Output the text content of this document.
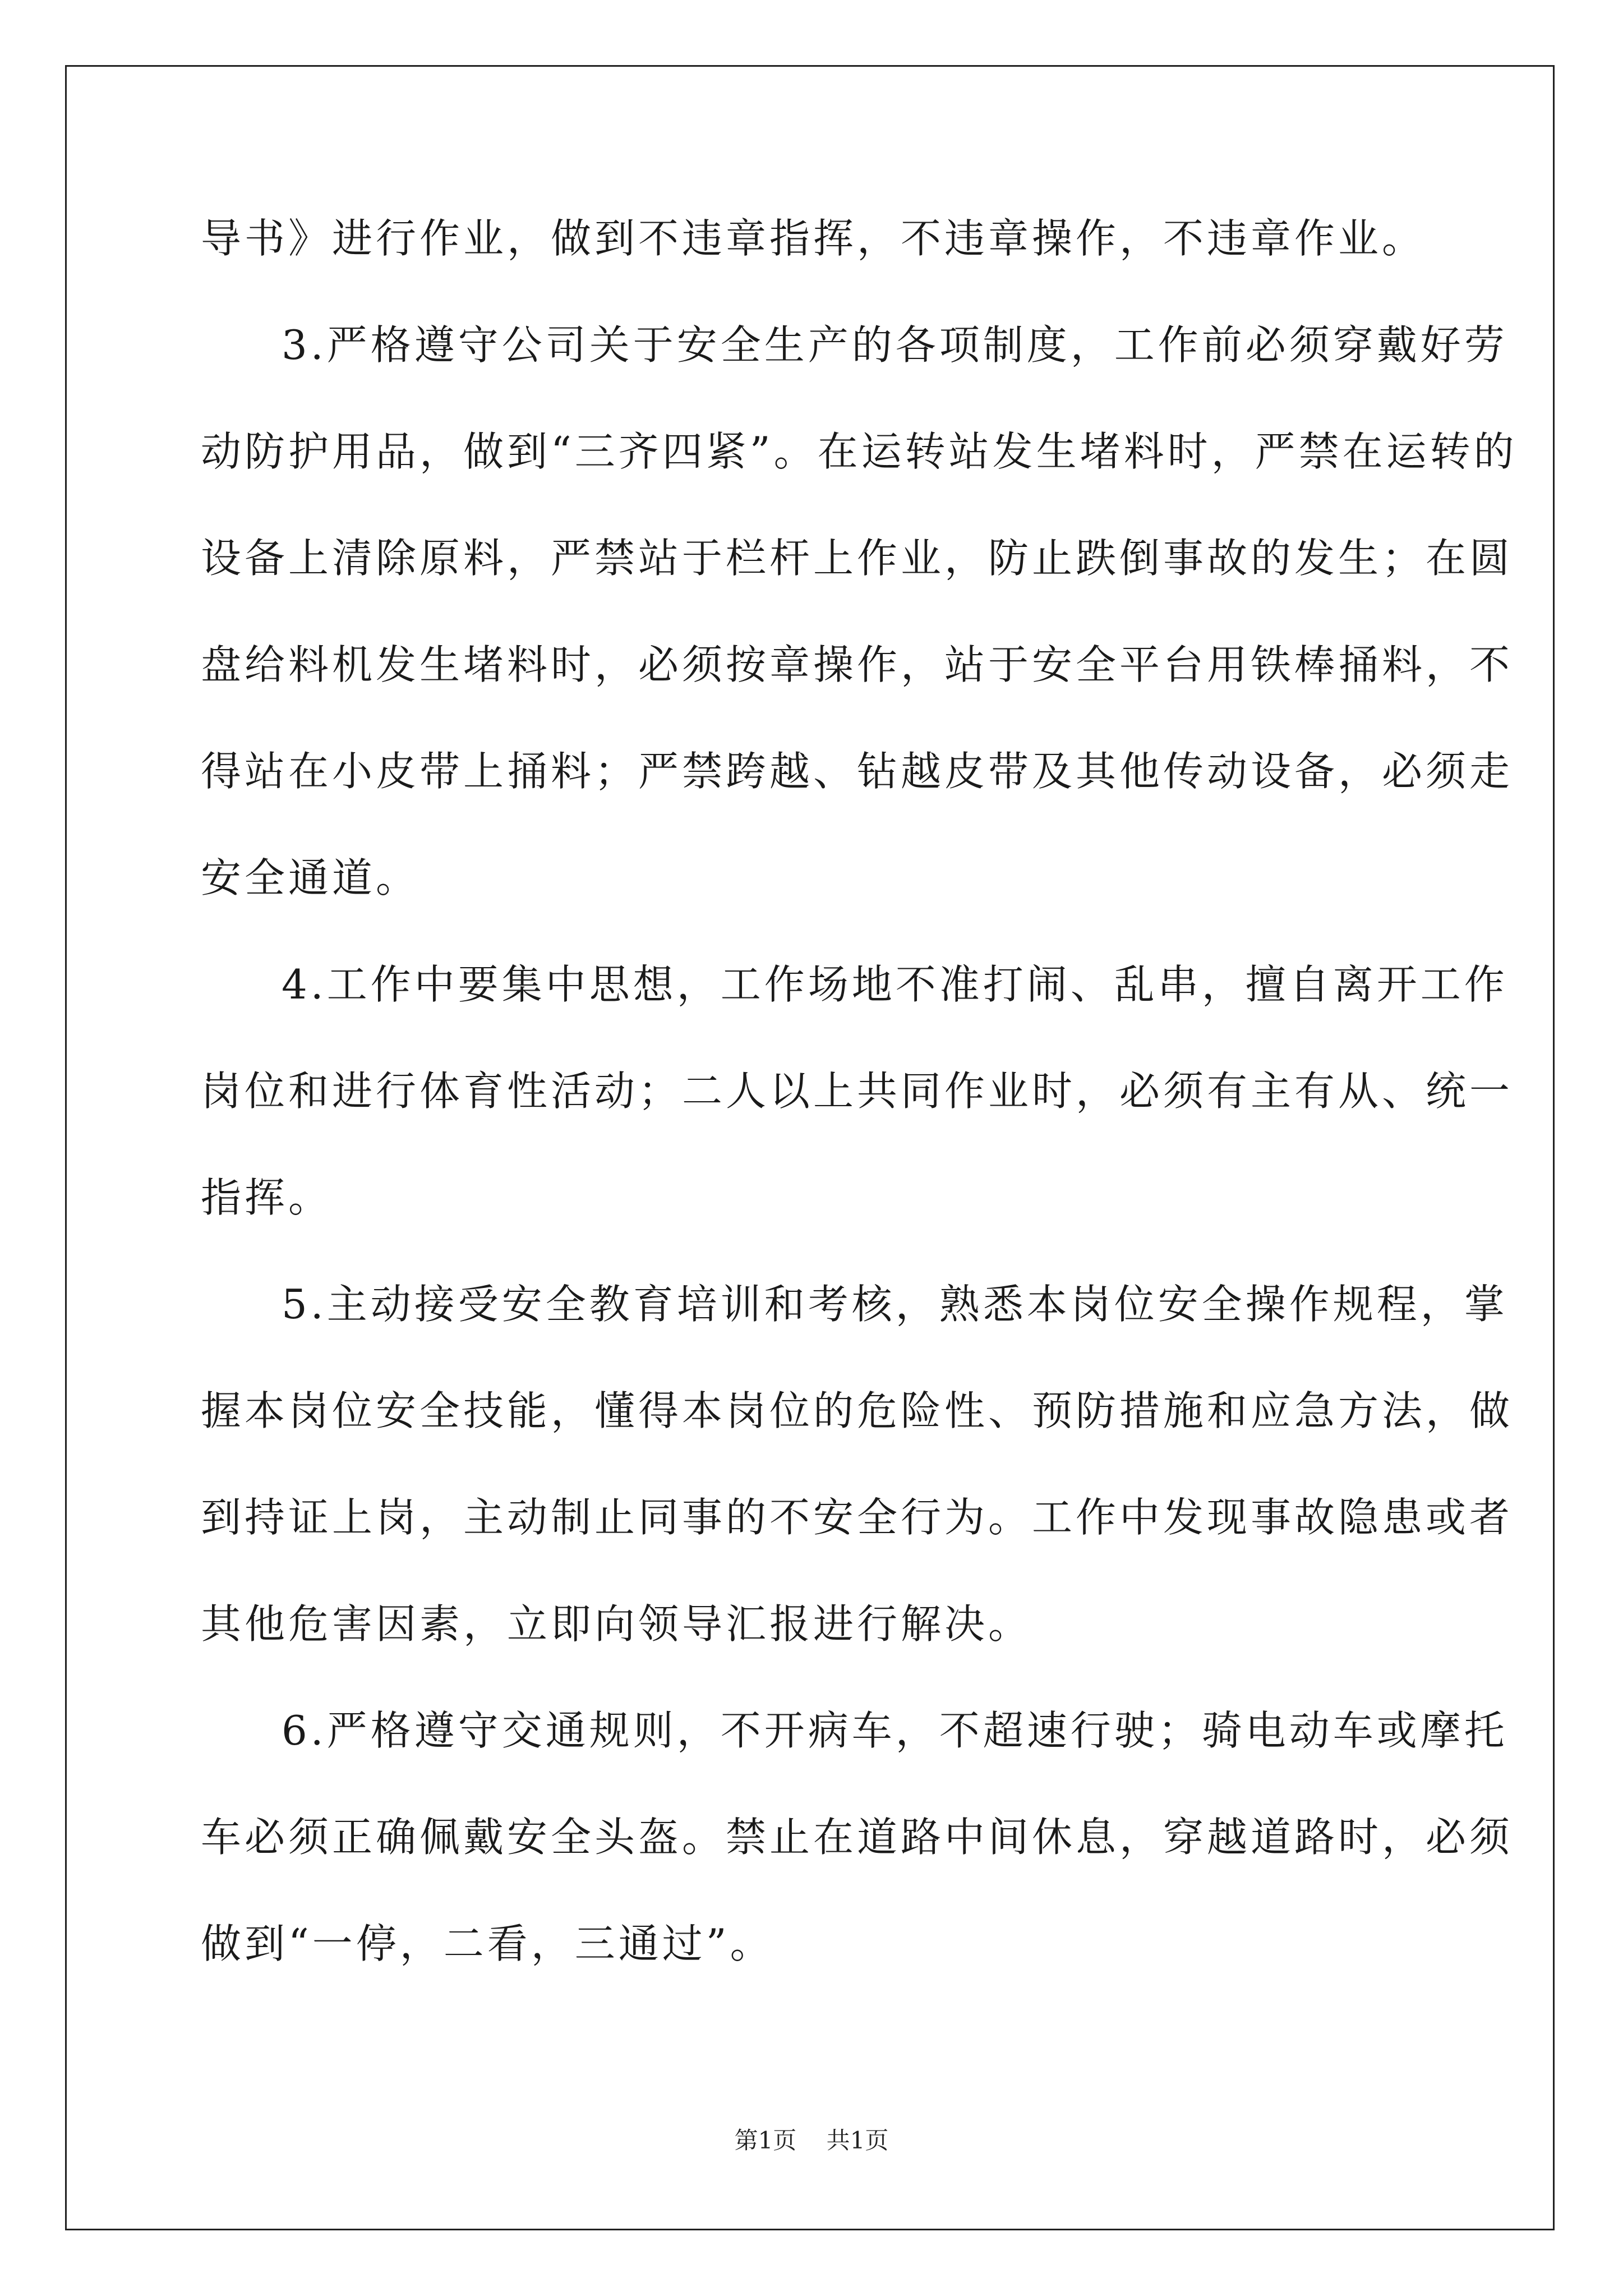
导书》进行作业，做到不违章指挥，不违章操作，不违章作业。
3.严格遵守公司关于安全生产的各项制度，工作前必须穿戴好劳
动防护用品，做到“三齐四紧”。在运转站发生堵料时，严禁在运转的
设备上清除原料，严禁站于栏杆上作业，防止跌倒事故的发生；在圆
盘给料机发生堵料时，必须按章操作，站于安全平台用铁棒捅料，不
得站在小皮带上捅料；严禁跨越、钻越皮带及其他传动设备，必须走
安全通道。
4.工作中要集中思想，工作场地不准打闹、乱串，擅自离开工作
岗位和进行体育性活动；二人以上共同作业时，必须有主有从、统一
指挥。
5.主动接受安全教育培训和考核，熟悉本岗位安全操作规程，掌
握本岗位安全技能，懂得本岗位的危险性、预防措施和应急方法，做
到持证上岗，主动制止同事的不安全行为。工作中发现事故隐患或者
其他危害因素，立即向领导汇报进行解决。
6.严格遵守交通规则，不开病车，不超速行驶；骑电动车或摩托
车必须正确佩戴安全头盔。禁止在道路中间休息，穿越道路时，必须
做到“一停，二看，三通过”。
第1页 共1页
